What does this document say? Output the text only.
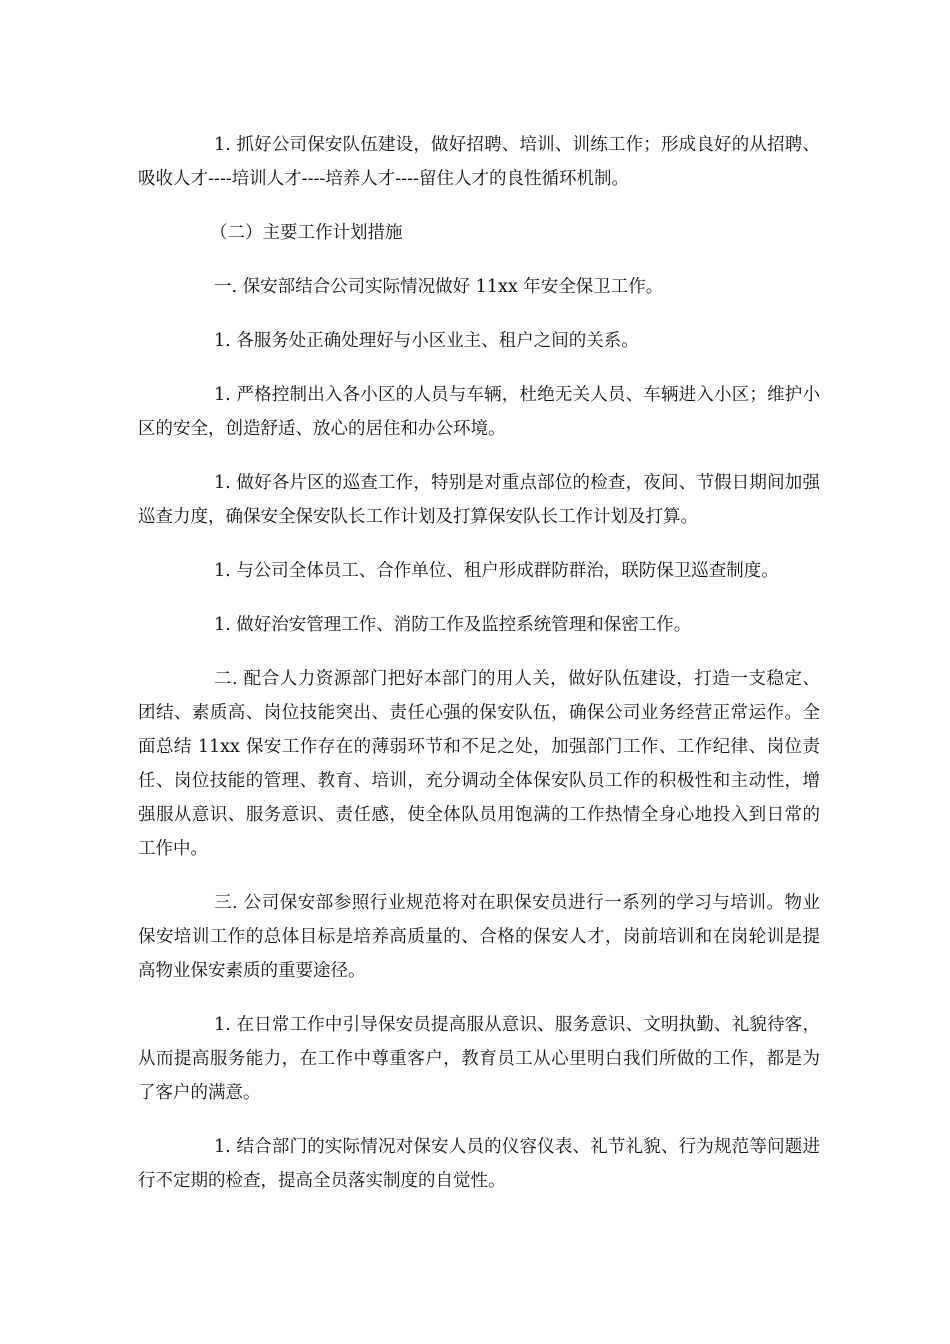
1. 抓好公司保安队伍建设，做好招聘、培训、训练工作；形成良好的从招聘、吸收人才----培训人才----培养人才----留住人才的良性循环机制。

（二）主要工作计划措施

一. 保安部结合公司实际情况做好 11xx 年安全保卫工作。

1. 各服务处正确处理好与小区业主、租户之间的关系。

1. 严格控制出入各小区的人员与车辆，杜绝无关人员、车辆进入小区；维护小区的安全，创造舒适、放心的居住和办公环境。

1. 做好各片区的巡查工作，特别是对重点部位的检查，夜间、节假日期间加强巡查力度，确保安全保安队长工作计划及打算保安队长工作计划及打算。

1. 与公司全体员工、合作单位、租户形成群防群治，联防保卫巡查制度。

1. 做好治安管理工作、消防工作及监控系统管理和保密工作。

二. 配合人力资源部门把好本部门的用人关，做好队伍建设，打造一支稳定、团结、素质高、岗位技能突出、责任心强的保安队伍，确保公司业务经营正常运作。全面总结 11xx 保安工作存在的薄弱环节和不足之处，加强部门工作、工作纪律、岗位责任、岗位技能的管理、教育、培训，充分调动全体保安队员工作的积极性和主动性，增强服从意识、服务意识、责任感，使全体队员用饱满的工作热情全身心地投入到日常的工作中。

三. 公司保安部参照行业规范将对在职保安员进行一系列的学习与培训。物业保安培训工作的总体目标是培养高质量的、合格的保安人才，岗前培训和在岗轮训是提高物业保安素质的重要途径。

1. 在日常工作中引导保安员提高服从意识、服务意识、文明执勤、礼貌待客，从而提高服务能力，在工作中尊重客户，教育员工从心里明白我们所做的工作，都是为了客户的满意。

1. 结合部门的实际情况对保安人员的仪容仪表、礼节礼貌、行为规范等问题进行不定期的检查，提高全员落实制度的自觉性。
